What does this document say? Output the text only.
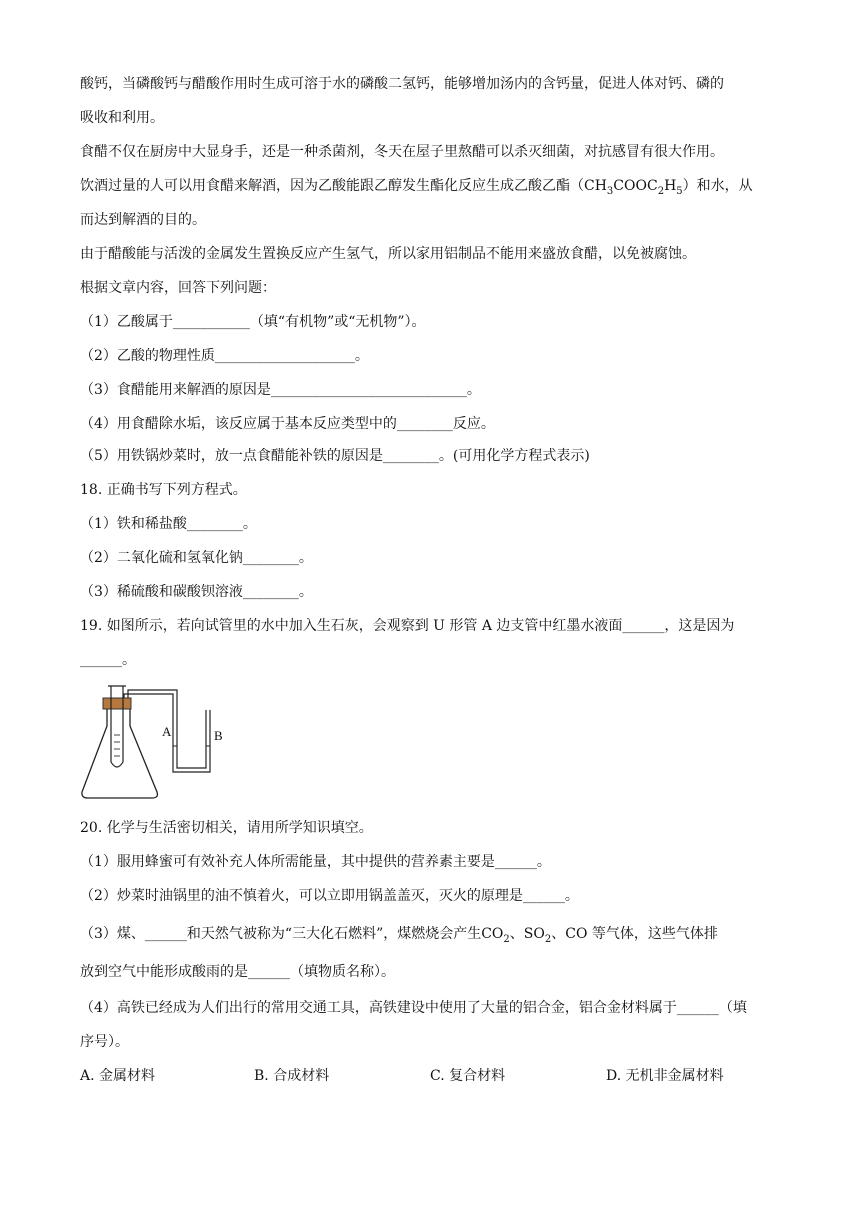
酸钙，当磷酸钙与醋酸作用时生成可溶于水的磷酸二氢钙，能够增加汤内的含钙量，促进人体对钙、磷的
吸收和利用。
食醋不仅在厨房中大显身手，还是一种杀菌剂，冬天在屋子里熬醋可以杀灭细菌，对抗感冒有很大作用。
饮酒过量的人可以用食醋来解酒，因为乙酸能跟乙醇发生酯化反应生成乙酸乙酯$(CH_3COOC_2H_5)$和水，从
而达到解酒的目的。
由于醋酸能与活泼的金属发生置换反应产生氢气，所以家用铝制品不能用来盛放食醋，以免被腐蚀。
根据文章内容，回答下列问题：
（1）乙酸属于___________（填“有机物”或“无机物”）。
（2）乙酸的物理性质____________________。
（3）食醋能用来解酒的原因是____________________________。
（4）用食醋除水垢，该反应属于基本反应类型中的________反应。
（5）用铁锅炒菜时，放一点食醋能补铁的原因是________。(可用化学方程式表示)
18. 正确书写下列方程式。
（1）铁和稀盐酸________。
（2）二氧化硫和氢氧化钠________。
（3）稀硫酸和碳酸钡溶液________。
19. 如图所示，若向试管里的水中加入生石灰，会观察到 U 形管 A 边支管中红墨水液面______，这是因为
______。
A	B
20. 化学与生活密切相关，请用所学知识填空。
（1）服用蜂蜜可有效补充人体所需能量，其中提供的营养素主要是______。
（2）炒菜时油锅里的油不慎着火，可以立即用锅盖盖灭，灭火的原理是______。
（3）煤、______和天然气被称为“三大化石燃料”，煤燃烧会产生$CO_2$、$SO_2$、CO 等气体，这些气体排
放到空气中能形成酸雨的是______（填物质名称）。
（4）高铁已经成为人们出行的常用交通工具，高铁建设中使用了大量的铝合金，铝合金材料属于______（填
序号）。
A. 金属材料	B. 合成材料	C. 复合材料	D. 无机非金属材料
